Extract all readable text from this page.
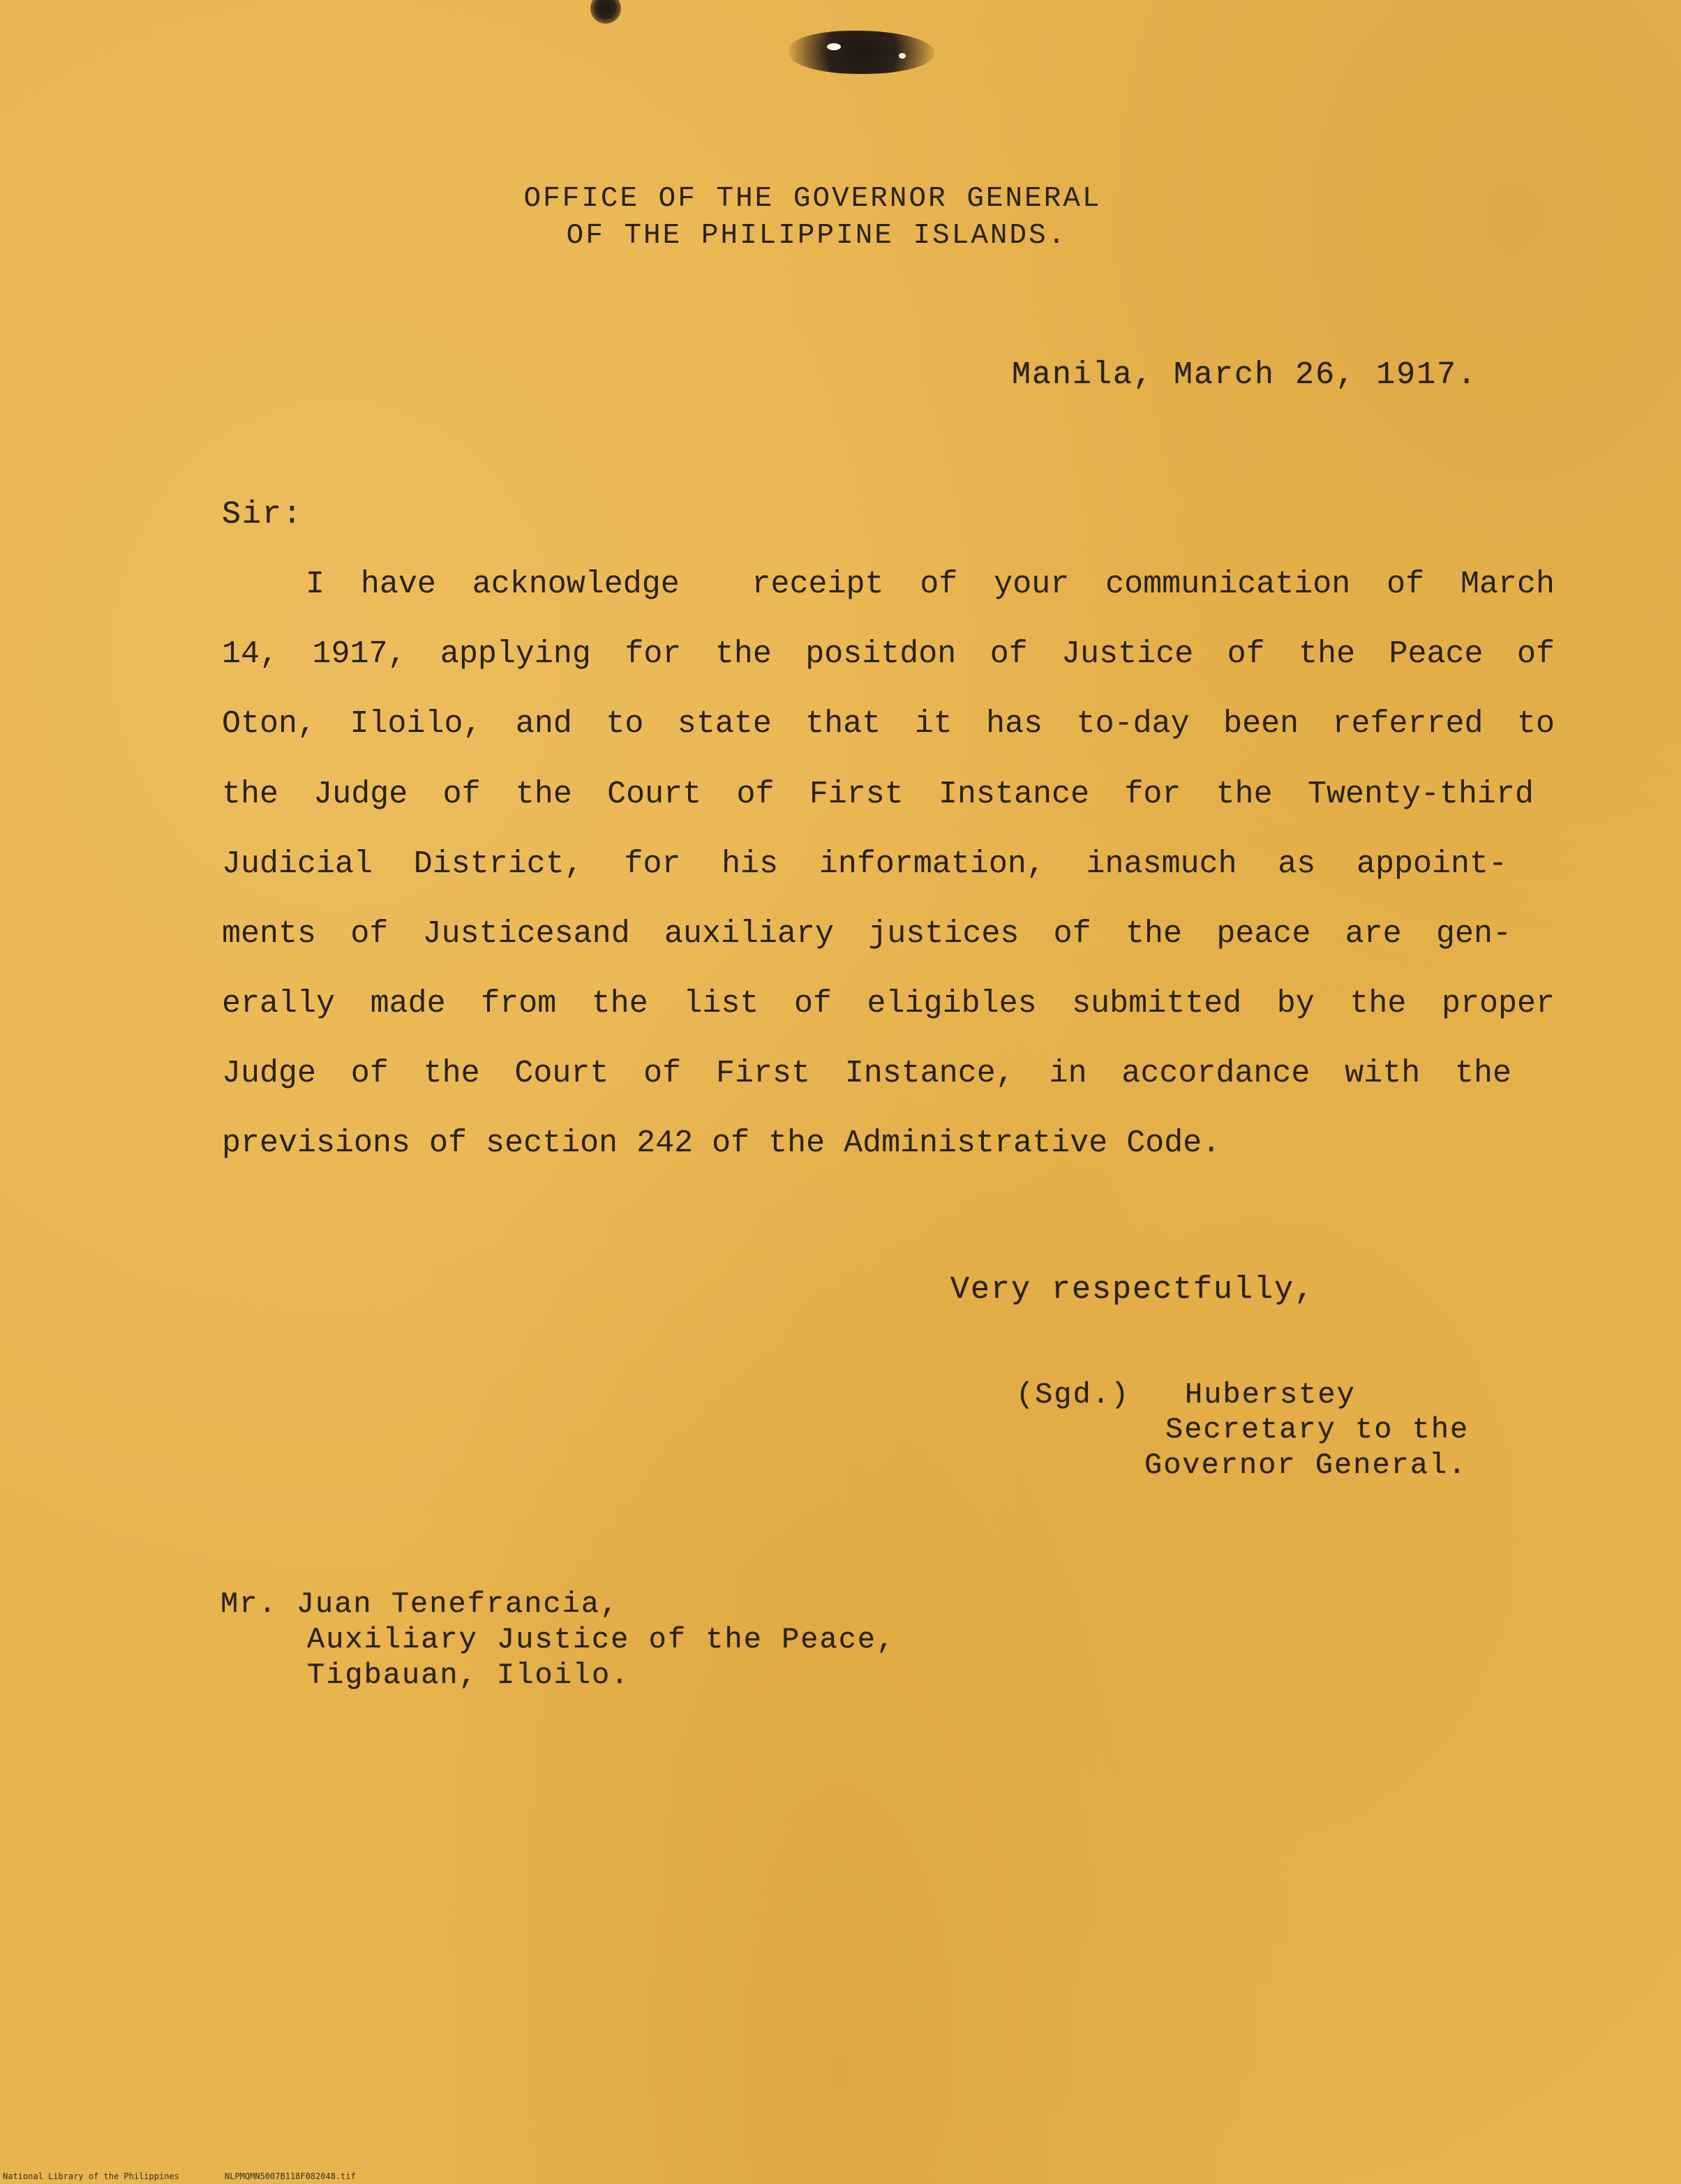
OFFICE OF THE GOVERNOR GENERAL
OF THE PHILIPPINE ISLANDS.
Manila, March 26, 1917.
Sir:
I have acknowledge  receipt of your communication of March
14, 1917, applying for the positdon of Justice of the Peace of
Oton, Iloilo, and to state that it has to-day been referred to
the Judge of the Court of First Instance for the Twenty-third
Judicial District, for his information, inasmuch as appoint-
ments of Justicesand auxiliary justices of the peace are gen-
erally made from the list of eligibles submitted by the proper
Judge of the Court of First Instance, in accordance with the
previsions of section 242 of the Administrative Code.
Very respectfully,
(Sgd.) Huberstey
Secretary to the
Governor General.
Mr. Juan Tenefrancia,
Auxiliary Justice of the Peace,
Tigbauan, Iloilo.
National Library of the Philippines	NLPMQMN5007B118F082048.tif
